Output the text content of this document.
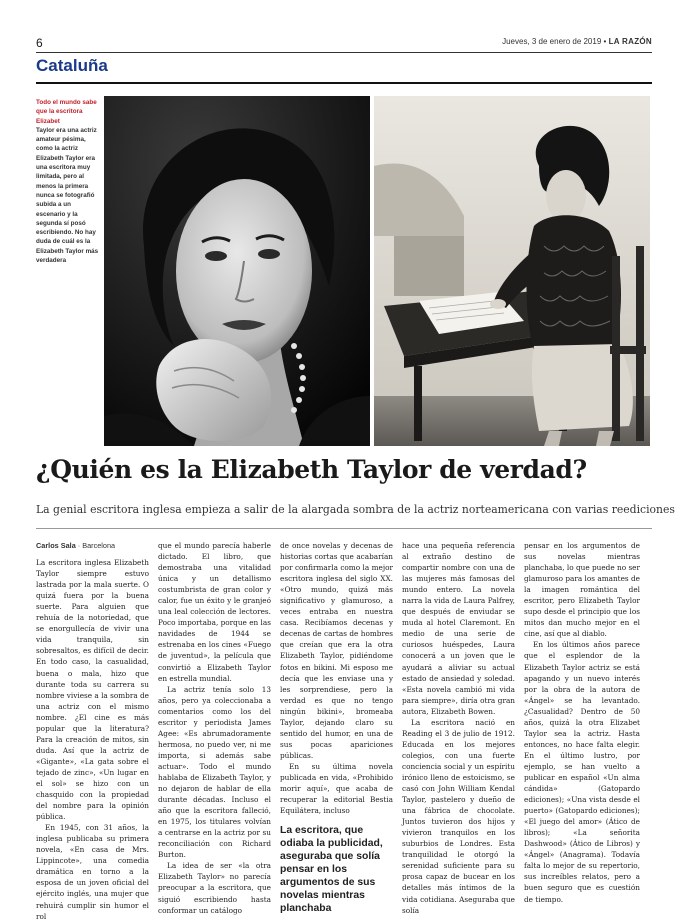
6	Jueves, 3 de enero de 2019 • LA RAZÓN
Cataluña
Todo el mundo sabe que la escritora Elizabet
Taylor era una actriz amateur pésima, como la actriz Elizabeth Taylor era una escritora muy limitada, pero al menos la primera nunca se fotografió subida a un escenario y la segunda sí posó escribiendo. No hay duda de cuál es la Elizabeth Taylor más verdadera
¿Quién es la Elizabeth Taylor de verdad?
La genial escritora inglesa empieza a salir de la alargada sombra de la actriz norteamericana con varias reediciones

Carlos Sala · Barcelona

La escritora inglesa Elizabeth Taylor siempre estuvo lastrada por la mala suerte. O quizá fuera por la buena suerte. Para alguien que rehuía de la notoriedad, que se enorgullecía de vivir una vida tranquila, sin sobresaltos, es difícil de decir. En todo caso, la casualidad, buena o mala, hizo que durante toda su carrera su nombre viviese a la sombra de una actriz con el mismo nombre. ¿El cine es más popular que la literatura? Para la creación de mitos, sin duda. Así que la actriz de «Gigante», «La gata sobre el tejado de zinc», «Un lugar en el sol» se hizo con un chasquido con la propiedad del nombre para la opinión pública.

En 1945, con 31 años, la inglesa publicaba su primera novela, «En casa de Mrs. Lippincote», una comedia dramática en torno a la esposa de un joven oficial del ejército inglés, una mujer que rehuirá cumplir sin humor el rol

que el mundo parecía haberle dictado. El libro, que demostraba una vitalidad única y un detallismo costumbrista de gran color y calor, fue un éxito y le granjeó una leal colección de lectores. Poco importaba, porque en las navidades de 1944 se estrenaba en los cines «Fuego de juventud», la película que convirtió a Elizabeth Taylor en estrella mundial.

La actriz tenía solo 13 años, pero ya coleccionaba a comentarios como los del escritor y periodista James Agee: «Es abrumadoramente hermosa, no puedo ver, ni me importa, si además sabe actuar». Todo el mundo hablaba de Elizabeth Taylor, y no dejaron de hablar de ella durante décadas. Incluso el año que la escritora falleció, en 1975, los titulares volvían a centrarse en la actriz por su reconciliación con Richard Burton.

La idea de ser «la otra Elizabeth Taylor» no parecía preocupar a la escritora, que siguió escribiendo hasta conformar un catálogo

de once novelas y decenas de historias cortas que acabarían por confirmarla como la mejor escritora inglesa del siglo XX. «Otro mundo, quizá más significativo y glamuroso, a veces entraba en nuestra casa. Recibíamos decenas y decenas de cartas de hombres que creían que era la otra Elizabeth Taylor, pidiéndome fotos en bikini. Mi esposo me decía que les enviase una y les sorprendiese, pero la verdad es que no tengo ningún bikini», bromeaba Taylor, dejando claro su sentido del humor, en una de sus pocas apariciones públicas.

En su última novela publicada en vida, «Prohibido morir aquí», que acaba de recuperar la editorial Bestia Equilátera, incluso

La escritora, que odiaba la publicidad, aseguraba que solía pensar en los argumentos de sus novelas mientras planchaba

hace una pequeña referencia al extraño destino de compartir nombre con una de las mujeres más famosas del mundo entero. La novela narra la vida de Laura Palfrey, que después de enviudar se muda al hotel Claremont. En medio de una serie de curiosos huéspedes, Laura conocerá a un joven que le ayudará a aliviar su actual estado de ansiedad y soledad. «Esta novela cambió mi vida para siempre», diría otra gran autora, Elizabeth Bowen.

La escritora nació en Reading el 3 de julio de 1912. Educada en los mejores colegios, con una fuerte conciencia social y un espíritu irónico lleno de estoicismo, se casó con John William Kendal Taylor, pastelero y dueño de una fábrica de chocolate. Juntos tuvieron dos hijos y vivieron tranquilos en los suburbios de Londres. Esta tranquilidad le otorgó la serenidad suficiente para su prosa capaz de bucear en los detalles más íntimos de la vida cotidiana. Aseguraba que solía

pensar en los argumentos de sus novelas mientras planchaba, lo que puede no ser glamuroso para los amantes de la imagen romántica del escritor, pero Elizabeth Taylor supo desde el principio que los mitos dan mucho mejor en el cine, así que al diablo.

En los últimos años parece que el esplendor de la Elizabeth Taylor actriz se está apagando y un nuevo interés por la obra de la autora de «Ángel» se ha levantado. ¿Casualidad? Dentro de 50 años, quizá la otra Elizabet Taylor sea la actriz. Hasta entonces, no hace falta elegir. En el último lustro, por ejemplo, se han vuelto a publicar en español «Un alma cándida» (Gatopardo ediciones); «Una vista desde el puerto» (Gatopardo ediciones); «El juego del amor» (Ático de libros); «La señorita Dashwood» (Ático de Libros) y «Ángel» (Anagrama). Todavía falta lo mejor de su repertorio, sus increíbles relatos, pero a buen seguro que es cuestión de tiempo.
